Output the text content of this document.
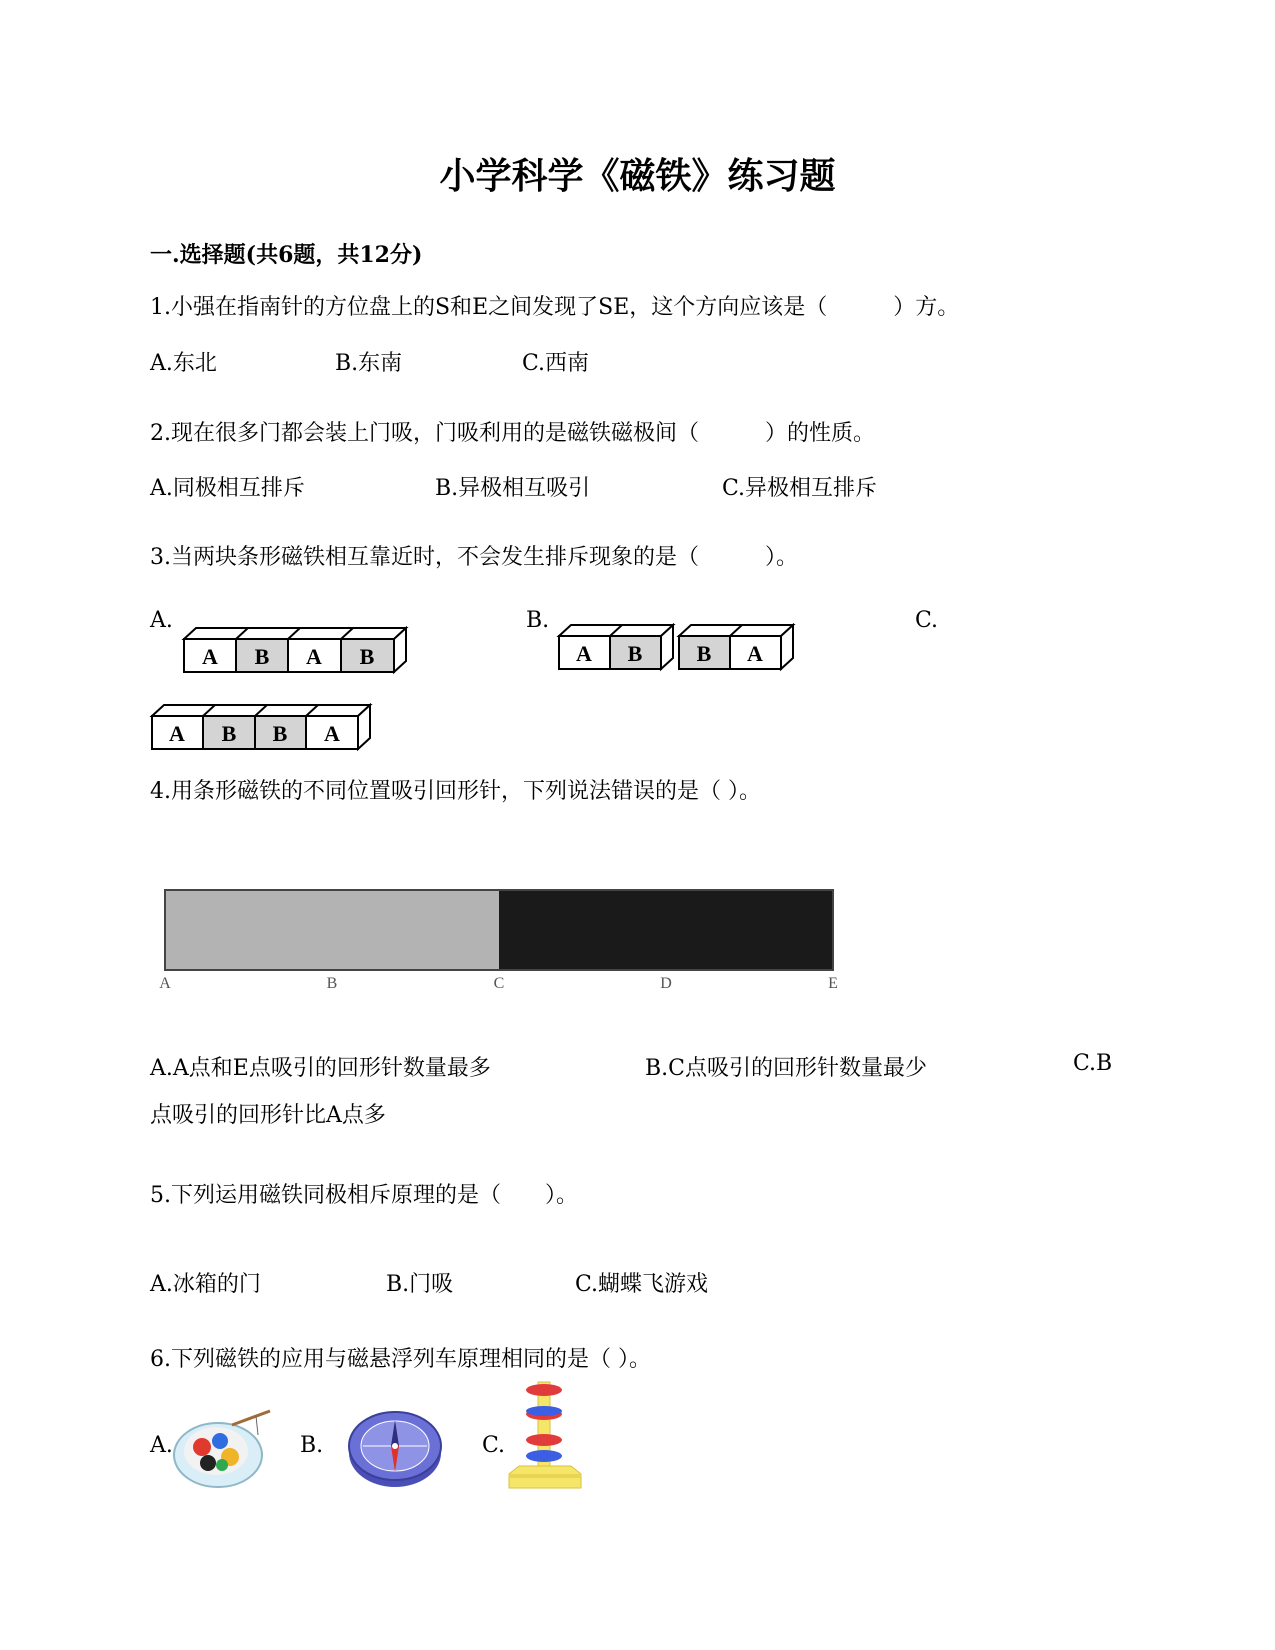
小学科学《磁铁》练习题
一.选择题(共6题，共12分)
1.小强在指南针的方位盘上的S和E之间发现了SE，这个方向应该是（　　　）方。
A.东北	B.东南	C.西南
2.现在很多门都会装上门吸，门吸利用的是磁铁磁极间（　　　）的性质。
A.同极相互排斥	B.异极相互吸引	C.异极相互排斥
3.当两块条形磁铁相互靠近时，不会发生排斥现象的是（　　　）。
A.	B.	C.
A B A B	A B B A
A B B A
4.用条形磁铁的不同位置吸引回形针，下列说法错误的是（ ）。
A	B	C	D	E
A.A点和E点吸引的回形针数量最多	B.C点吸引的回形针数量最少	C.B
点吸引的回形针比A点多
5.下列运用磁铁同极相斥原理的是（　　）。
A.冰箱的门	B.门吸	C.蝴蝶飞游戏
6.下列磁铁的应用与磁悬浮列车原理相同的是（ ）。
A.	B.	C.
